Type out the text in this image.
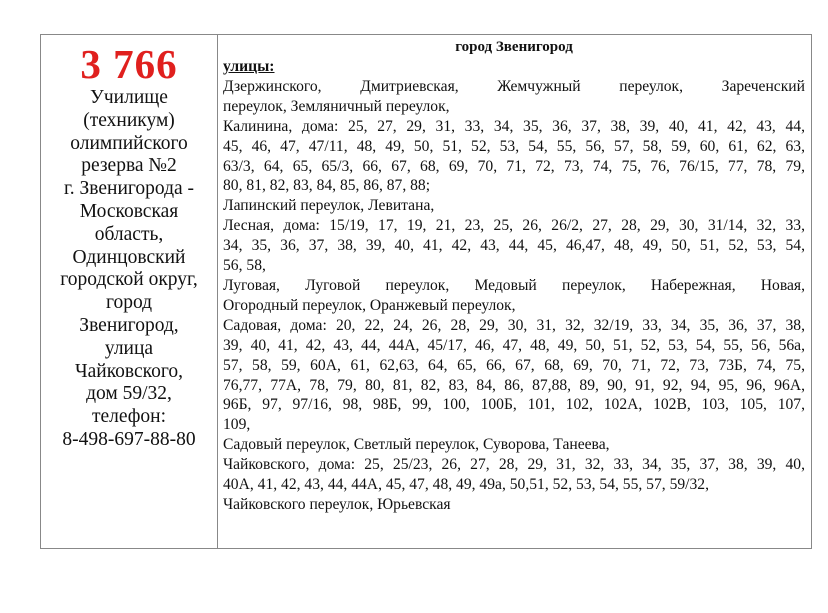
3 766
Училище
(техникум)
олимпийского
резерва №2
г. Звенигорода -
Московская
область,
Одинцовский
городской округ,
город
Звенигород,
улица
Чайковского,
дом 59/32,
телефон:
8-498-697-88-80
город Звенигород
улицы:
Дзержинского, Дмитриевская, Жемчужный переулок, Зареченский
переулок, Земляничный переулок,
Калинина, дома: 25, 27, 29, 31, 33, 34, 35, 36, 37, 38, 39, 40, 41, 42, 43, 44,
45, 46, 47, 47/11, 48, 49, 50, 51, 52, 53, 54, 55, 56, 57, 58, 59, 60, 61, 62, 63,
63/3, 64, 65, 65/3, 66, 67, 68, 69, 70, 71, 72, 73, 74, 75, 76, 76/15, 77, 78, 79,
80, 81, 82, 83, 84, 85, 86, 87, 88;
Лапинский переулок, Левитана,
Лесная, дома: 15/19, 17, 19, 21, 23, 25, 26, 26/2, 27, 28, 29, 30, 31/14, 32, 33,
34, 35, 36, 37, 38, 39, 40, 41, 42, 43, 44, 45, 46,47, 48, 49, 50, 51, 52, 53, 54,
56, 58,
Луговая, Луговой переулок, Медовый переулок, Набережная, Новая,
Огородный переулок, Оранжевый переулок,
Садовая, дома: 20, 22, 24, 26, 28, 29, 30, 31, 32, 32/19, 33, 34, 35, 36, 37, 38,
39, 40, 41, 42, 43, 44, 44А, 45/17, 46, 47, 48, 49, 50, 51, 52, 53, 54, 55, 56, 56а,
57, 58, 59, 60А, 61, 62,63, 64, 65, 66, 67, 68, 69, 70, 71, 72, 73, 73Б, 74, 75,
76,77, 77А, 78, 79, 80, 81, 82, 83, 84, 86, 87,88, 89, 90, 91, 92, 94, 95, 96, 96А,
96Б, 97, 97/16, 98, 98Б, 99, 100, 100Б, 101, 102, 102А, 102В, 103, 105, 107,
109,
Садовый переулок, Светлый переулок, Суворова, Танеева,
Чайковского, дома: 25, 25/23, 26, 27, 28, 29, 31, 32, 33, 34, 35, 37, 38, 39, 40,
40А, 41, 42, 43, 44, 44А, 45, 47, 48, 49, 49а, 50,51, 52, 53, 54, 55, 57, 59/32,
Чайковского переулок, Юрьевская
